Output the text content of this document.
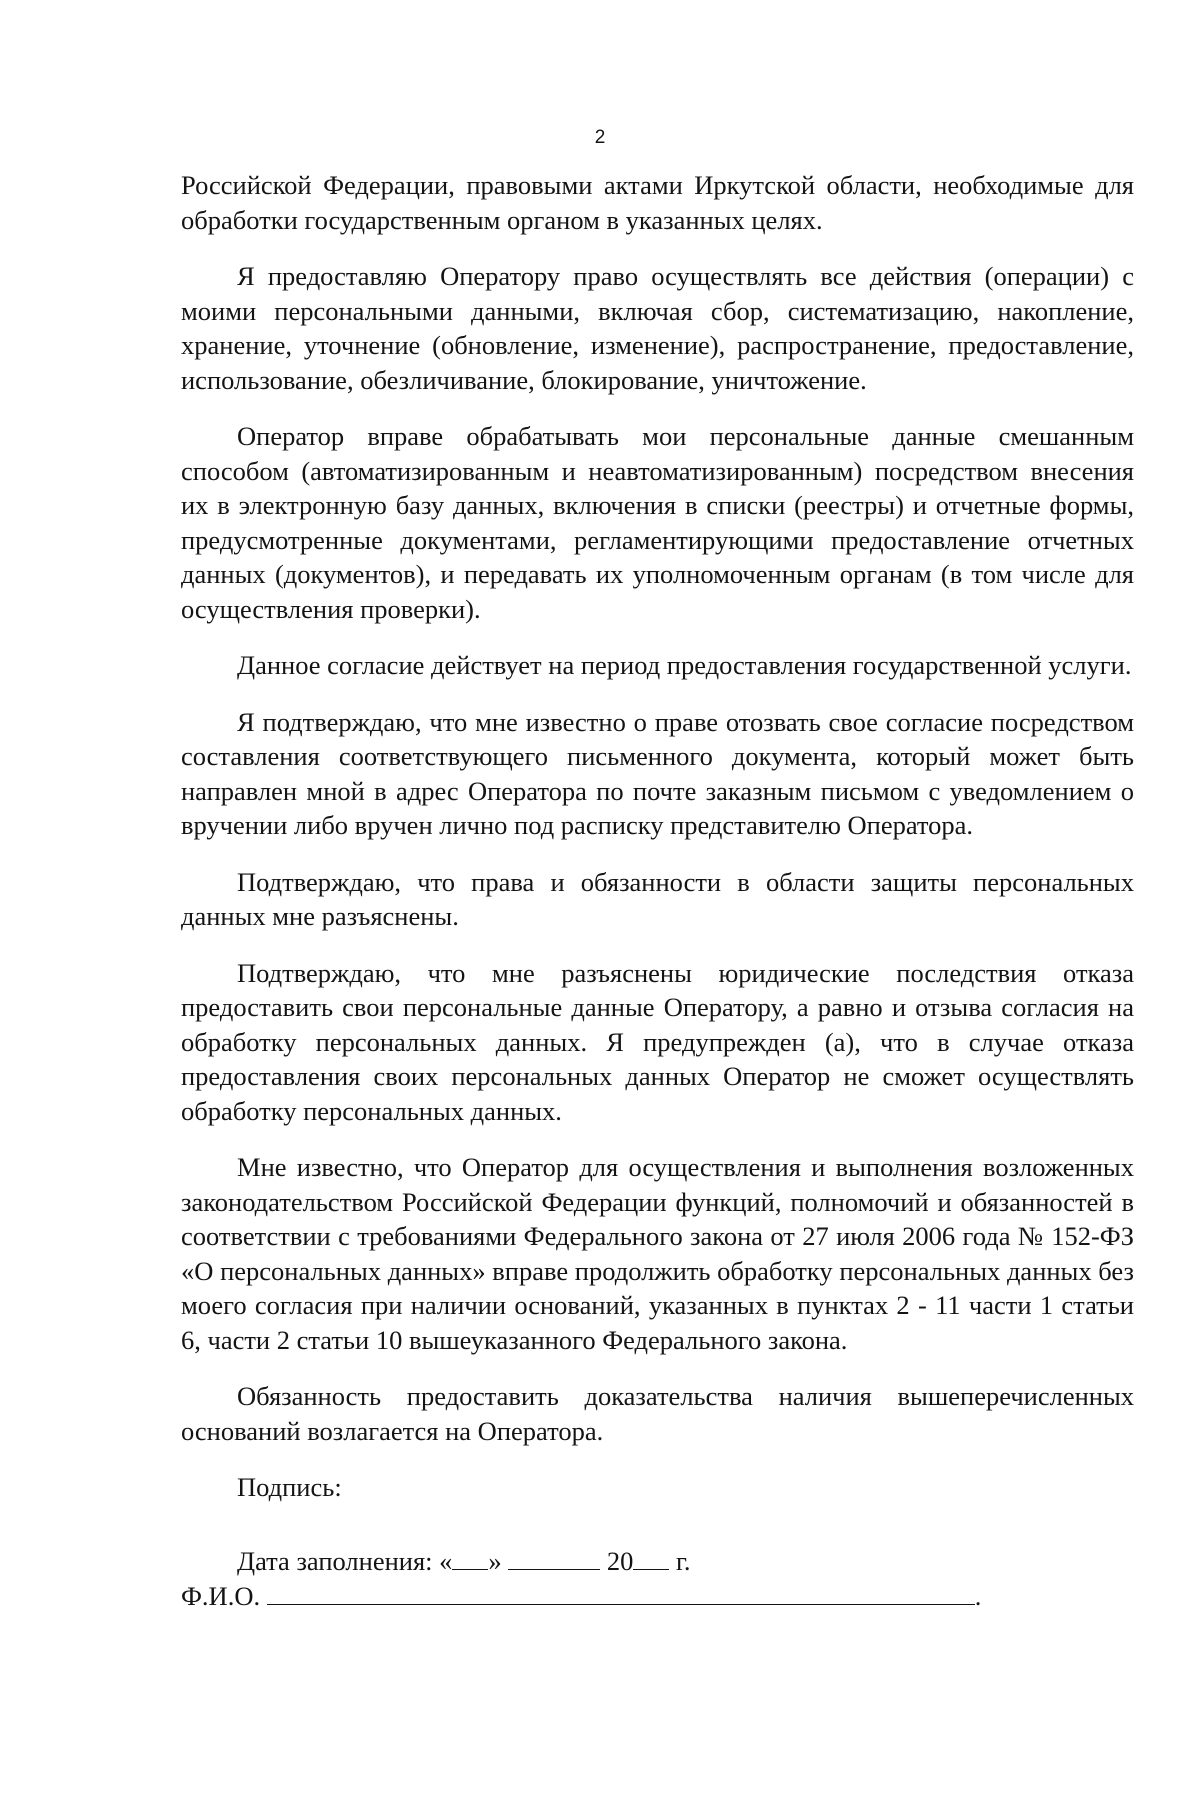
2

Российской Федерации, правовыми актами Иркутской области, необходимые для обработки государственным органом в указанных целях.

Я предоставляю Оператору право осуществлять все действия (операции) с моими персональными данными, включая сбор, систематизацию, накопление, хранение, уточнение (обновление, изменение), распространение, предоставление, использование, обезличивание, блокирование, уничтожение.

Оператор вправе обрабатывать мои персональные данные смешанным способом (автоматизированным и неавтоматизированным) посредством внесения их в электронную базу данных, включения в списки (реестры) и отчетные формы, предусмотренные документами, регламентирующими предоставление отчетных данных (документов), и передавать их уполномоченным органам (в том числе для осуществления проверки).

Данное согласие действует на период предоставления государственной услуги.

Я подтверждаю, что мне известно о праве отозвать свое согласие посредством составления соответствующего письменного документа, который может быть направлен мной в адрес Оператора по почте заказным письмом с уведомлением о вручении либо вручен лично под расписку представителю Оператора.

Подтверждаю, что права и обязанности в области защиты персональных данных мне разъяснены.

Подтверждаю, что мне разъяснены юридические последствия отказа предоставить свои персональные данные Оператору, а равно и отзыва согласия на обработку персональных данных. Я предупрежден (а), что в случае отказа предоставления своих персональных данных Оператор не сможет осуществлять обработку персональных данных.

Мне известно, что Оператор для осуществления и выполнения возложенных законодательством Российской Федерации функций, полномочий и обязанностей в соответствии с требованиями Федерального закона от 27 июля 2006 года № 152-ФЗ «О персональных данных» вправе продолжить обработку персональных данных без моего согласия при наличии оснований, указанных в пунктах 2 - 11 части 1 статьи 6, части 2 статьи 10 вышеуказанного Федерального закона.

Обязанность предоставить доказательства наличия вышеперечисленных оснований возлагается на Оператора.

Подпись:

Дата заполнения: « »	20 г.

Ф.И.О.	.
